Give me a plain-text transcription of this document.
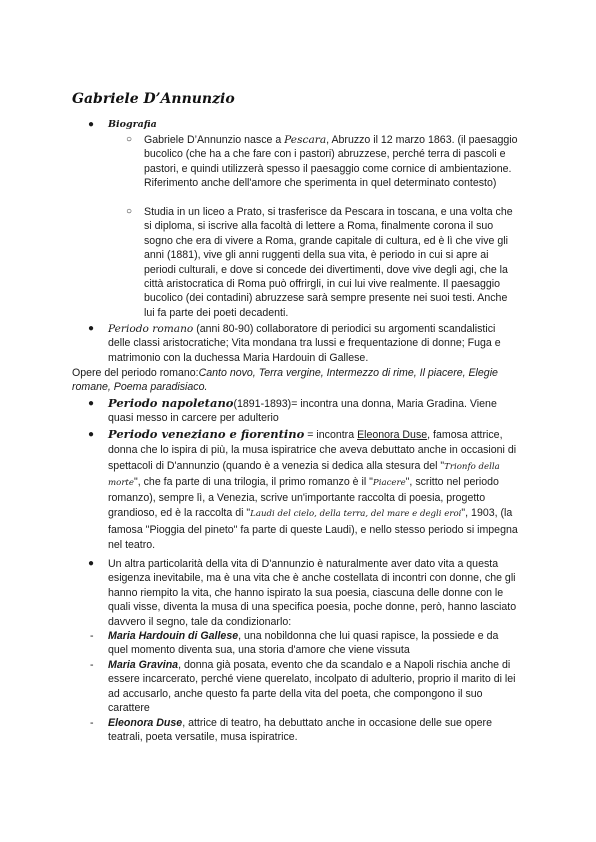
Gabriele D’Annunzio
● Biografia
○ Gabriele D’Annunzio nasce a Pescara, Abruzzo il 12 marzo 1863. (il paesaggio bucolico (che ha a che fare con i pastori) abruzzese, perché terra di pascoli e pastori, e quindi utilizzerà spesso il paesaggio come cornice di ambientazione. Riferimento anche dell'amore che sperimenta in quel determinato contesto)
○ Studia in un liceo a Prato, si trasferisce da Pescara in toscana, e una volta che si diploma, si iscrive alla facoltà di lettere a Roma, finalmente corona il suo sogno che era di vivere a Roma, grande capitale di cultura, ed è lì che vive gli anni (1881), vive gli anni ruggenti della sua vita, è periodo in cui si apre ai periodi culturali, e dove si concede dei divertimenti, dove vive degli agi, che la città aristocratica di Roma può offrirgli, in cui lui vive realmente. Il paesaggio bucolico (dei contadini) abruzzese sarà sempre presente nei suoi testi. Anche lui fa parte dei poeti decadenti.
● Periodo romano (anni 80-90) collaboratore di periodici su argomenti scandalistici delle classi aristocratiche; Vita mondana tra lussi e frequentazione di donne; Fuga e matrimonio con la duchessa Maria Hardouin di Gallese.
Opere del periodo romano:Canto novo, Terra vergine, Intermezzo di rime, Il piacere, Elegie romane, Poema paradisiaco.
● Periodo napoletano(1891-1893)= incontra una donna, Maria Gradina. Viene quasi messo in carcere per adulterio
● Periodo veneziano e fiorentino = incontra Eleonora Duse, famosa attrice, donna che lo ispira di più, la musa ispiratrice che aveva debuttato anche in occasioni di spettacoli di D'annunzio (quando è a venezia si dedica alla stesura del "Trionfo della morte", che fa parte di una trilogia, il primo romanzo è il "Piacere", scritto nel periodo romanzo), sempre lì, a Venezia, scrive un'importante raccolta di poesia, progetto grandioso, ed è la raccolta di "Laudi del cielo, della terra, del mare e degli eroi", 1903, (la famosa "Pioggia del pineto" fa parte di queste Laudi), e nello stesso periodo si impegna nel teatro.
● Un altra particolarità della vita di D'annunzio è naturalmente aver dato vita a questa esigenza inevitabile, ma è una vita che è anche costellata di incontri con donne, che gli hanno riempito la vita, che hanno ispirato la sua poesia, ciascuna delle donne con le quali visse, diventa la musa di una specifica poesia, poche donne, però, hanno lasciato davvero il segno, tale da condizionarlo:
- Maria Hardouin di Gallese, una nobildonna che lui quasi rapisce, la possiede e da quel momento diventa sua, una storia d'amore che viene vissuta
- Maria Gravina, donna già posata, evento che da scandalo e a Napoli rischia anche di essere incarcerato, perché viene querelato, incolpato di adulterio, proprio il marito di lei ad accusarlo, anche questo fa parte della vita del poeta, che compongono il suo carattere
- Eleonora Duse, attrice di teatro, ha debuttato anche in occasione delle sue opere teatrali, poeta versatile, musa ispiratrice.
